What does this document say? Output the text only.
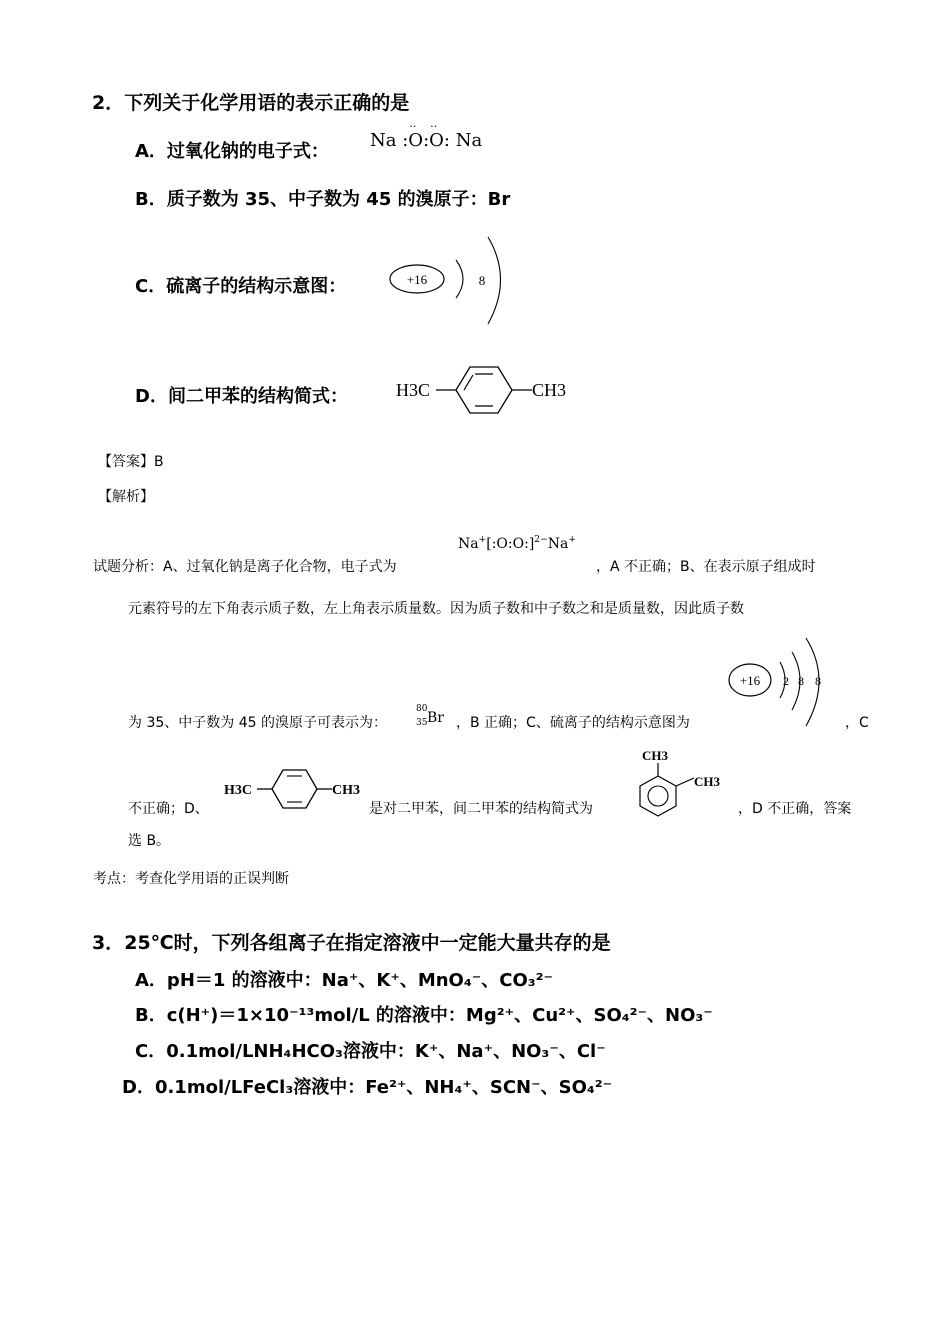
2．下列关于化学用语的表示正确的是
A．过氧化钠的电子式：
Na :
··
O:
··
O: Na
B．质子数为 35、中子数为 45 的溴原子：Br
C．硫离子的结构示意图：	+16	8
D．间二甲苯的结构简式：	H3C	CH3
【答案】B
【解析】
试题分析：A、过氧化钠是离子化合物，电子式为
Na+[:O:O:]$^{2-}$Na+
，A 不正确；B、在表示原子组成时
元素符号的左下角表示质子数，左上角表示质量数。因为质子数和中子数之和是质量数，因此质子数
为 35、中子数为 45 的溴原子可表示为：
80
35 Br ，B 正确；C、硫离子的结构示意图为
+16 2 8 8
，C
不正确；D、
H3C	CH3
是对二甲苯，间二甲苯的结构简式为
CH3
CH3
，D 不正确，答案
选 B。
考点：考查化学用语的正误判断
3．25℃时，下列各组离子在指定溶液中一定能大量共存的是
A．pH＝1 的溶液中：Na⁺、K⁺、MnO₄⁻、CO₃²⁻
B．c(H⁺)＝1×10⁻¹³mol/L 的溶液中：Mg²⁺、Cu²⁺、SO₄²⁻、NO₃⁻
C．0.1mol/LNH₄HCO₃溶液中：K⁺、Na⁺、NO₃⁻、Cl⁻
D．0.1mol/LFeCl₃溶液中：Fe²⁺、NH₄⁺、SCN⁻、SO₄²⁻
